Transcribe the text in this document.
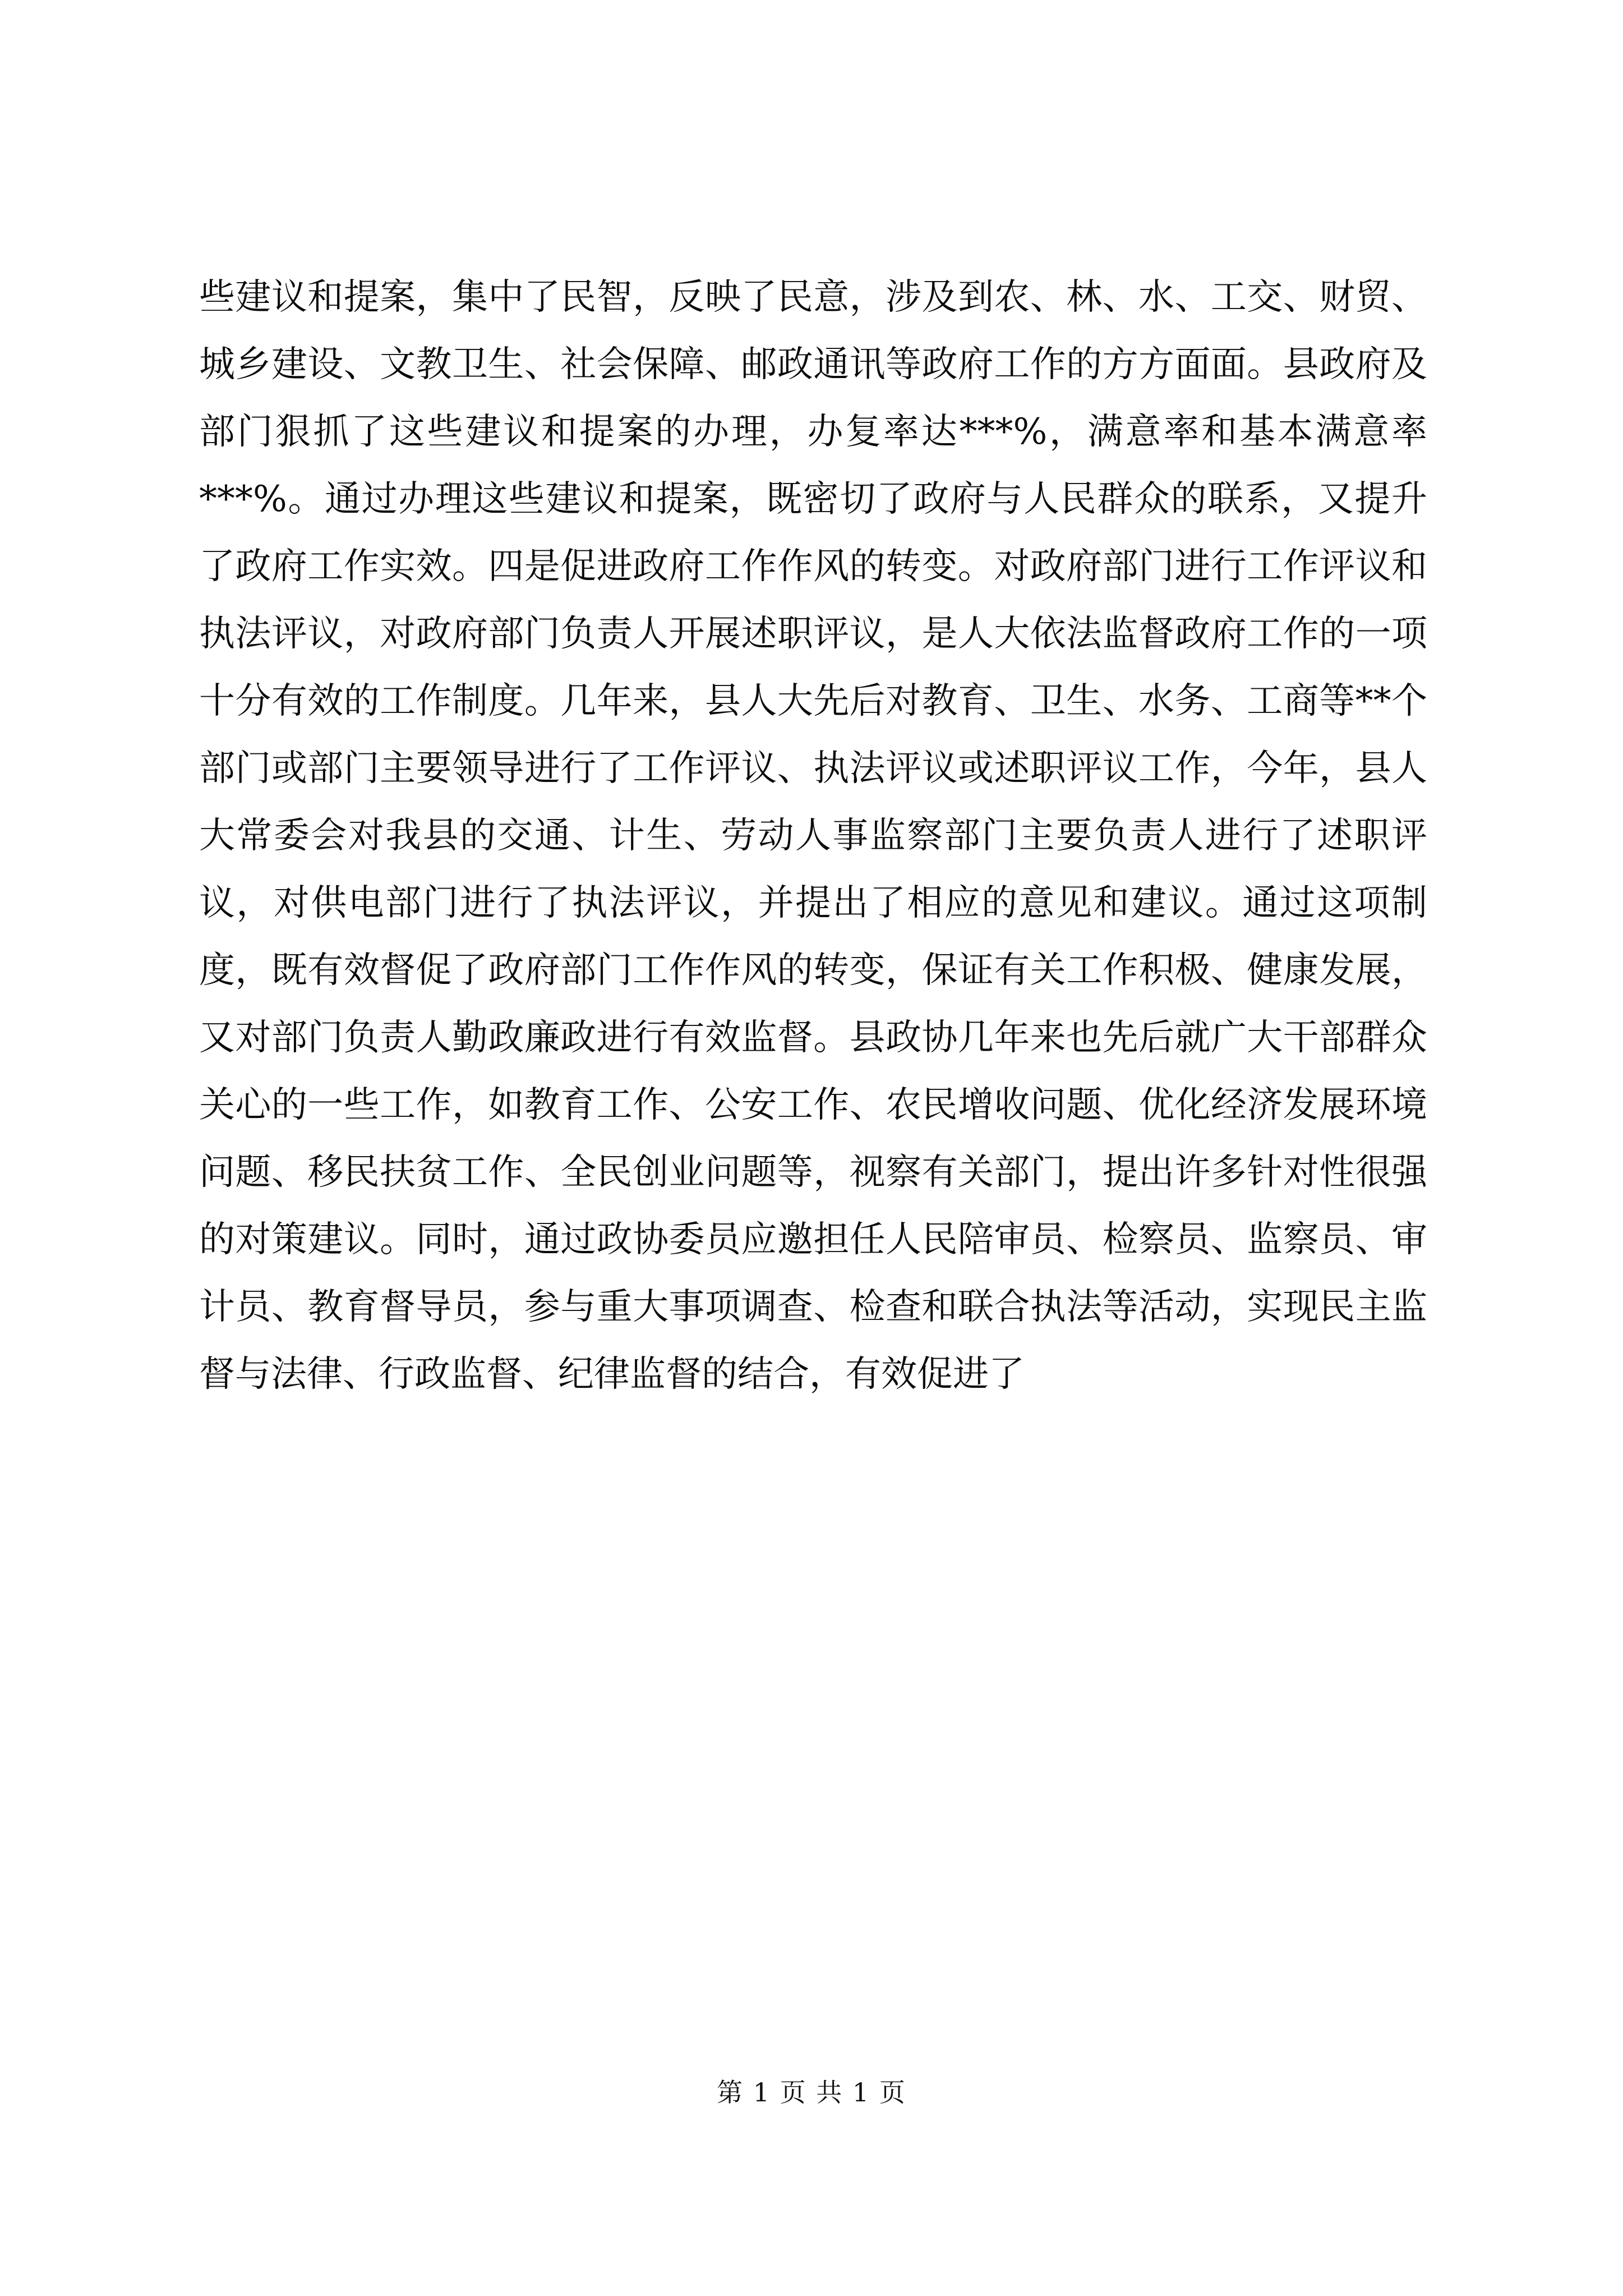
些建议和提案，集中了民智，反映了民意，涉及到农、林、水、工交、财贸、城乡建设、文教卫生、社会保障、邮政通讯等政府工作的方方面面。县政府及部门狠抓了这些建议和提案的办理，办复率达***%，满意率和基本满意率***%。通过办理这些建议和提案，既密切了政府与人民群众的联系，又提升了政府工作实效。四是促进政府工作作风的转变。对政府部门进行工作评议和执法评议，对政府部门负责人开展述职评议，是人大依法监督政府工作的一项十分有效的工作制度。几年来，县人大先后对教育、卫生、水务、工商等**个部门或部门主要领导进行了工作评议、执法评议或述职评议工作，今年，县人大常委会对我县的交通、计生、劳动人事监察部门主要负责人进行了述职评议，对供电部门进行了执法评议，并提出了相应的意见和建议。通过这项制度，既有效督促了政府部门工作作风的转变，保证有关工作积极、健康发展，又对部门负责人勤政廉政进行有效监督。县政协几年来也先后就广大干部群众关心的一些工作，如教育工作、公安工作、农民增收问题、优化经济发展环境问题、移民扶贫工作、全民创业问题等，视察有关部门，提出许多针对性很强的对策建议。同时，通过政协委员应邀担任人民陪审员、检察员、监察员、审计员、教育督导员，参与重大事项调查、检查和联合执法等活动，实现民主监督与法律、行政监督、纪律监督的结合，有效促进了

第 1 页 共 1 页
